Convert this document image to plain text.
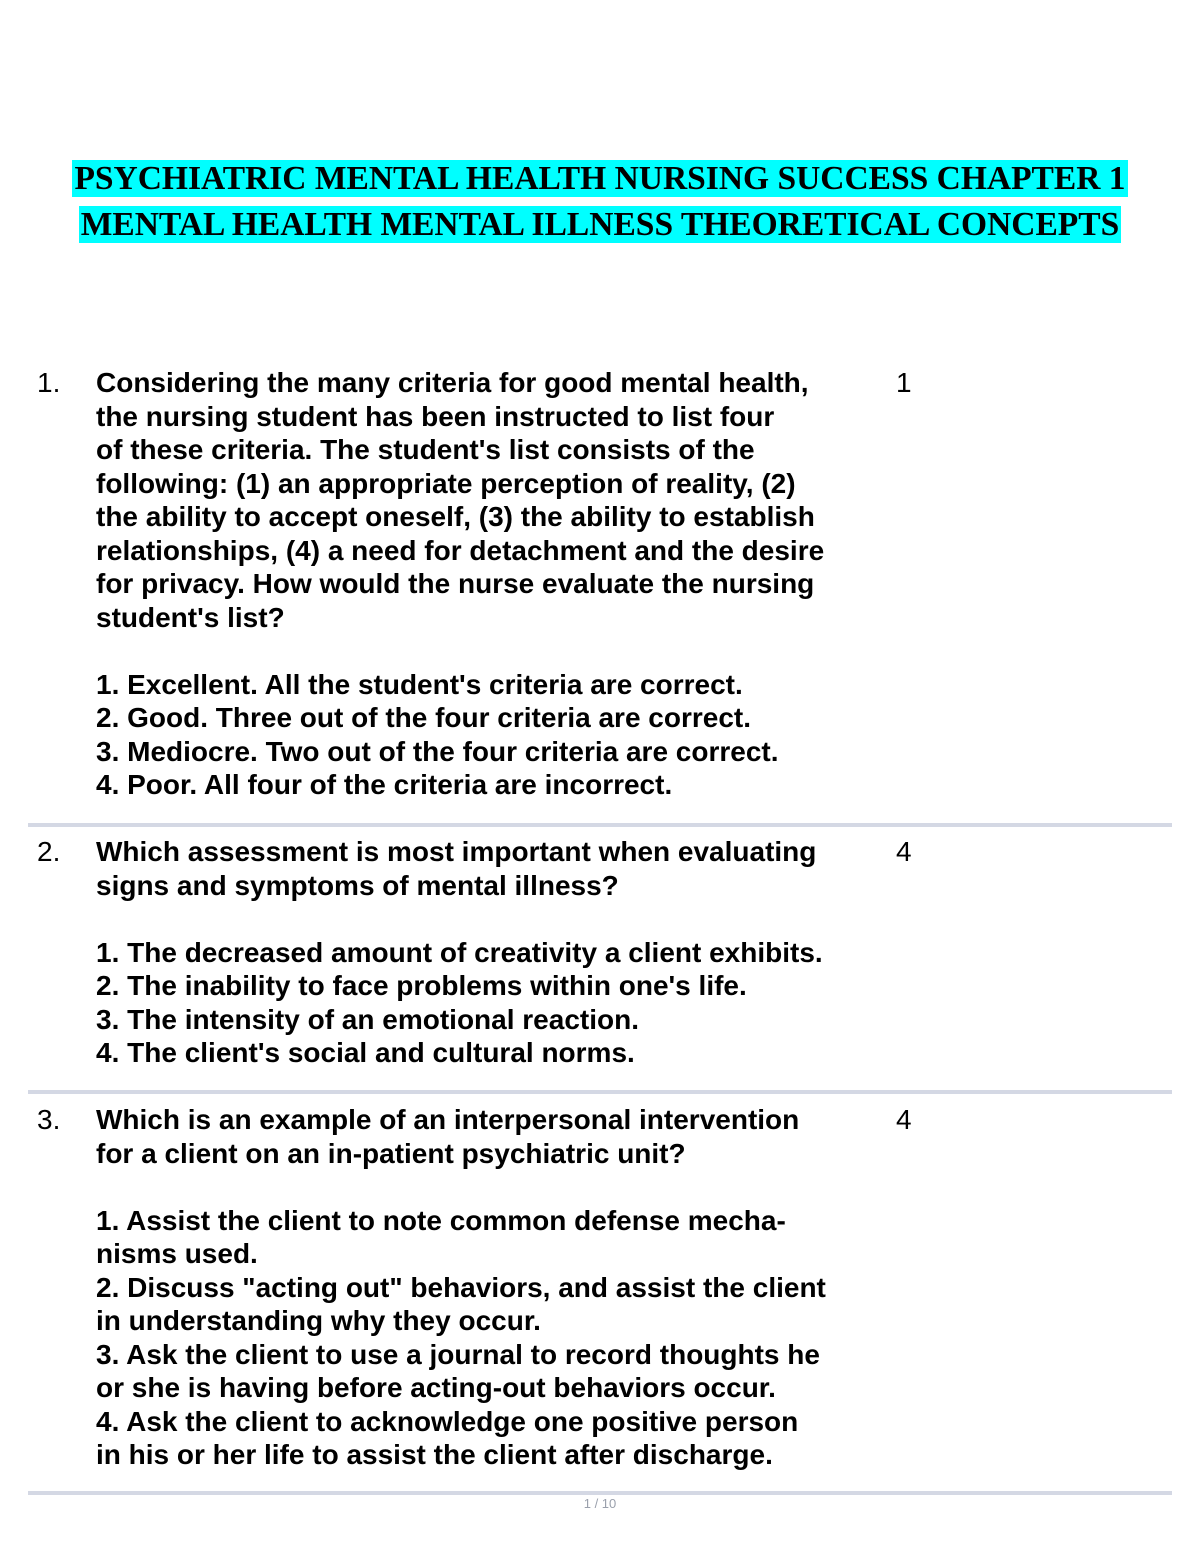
PSYCHIATRIC MENTAL HEALTH NURSING SUCCESS CHAPTER 1
MENTAL HEALTH MENTAL ILLNESS THEORETICAL CONCEPTS
1. Considering the many criteria for good mental health,
the nursing student has been instructed to list four
of these criteria. The student's list consists of the
following: (1) an appropriate perception of reality, (2)
the ability to accept oneself, (3) the ability to establish
relationships, (4) a need for detachment and the desire
for privacy. How would the nurse evaluate the nursing
student's list?
1. Excellent. All the student's criteria are correct.
2. Good. Three out of the four criteria are correct.
3. Mediocre. Two out of the four criteria are correct.
4. Poor. All four of the criteria are incorrect.
1
2. Which assessment is most important when evaluating
signs and symptoms of mental illness?
1. The decreased amount of creativity a client exhibits.
2. The inability to face problems within one's life.
3. The intensity of an emotional reaction.
4. The client's social and cultural norms.
4
3. Which is an example of an interpersonal intervention
for a client on an in-patient psychiatric unit?
1. Assist the client to note common defense mecha-
nisms used.
2. Discuss "acting out" behaviors, and assist the client
in understanding why they occur.
3. Ask the client to use a journal to record thoughts he
or she is having before acting-out behaviors occur.
4. Ask the client to acknowledge one positive person
in his or her life to assist the client after discharge.
4
1 / 10
